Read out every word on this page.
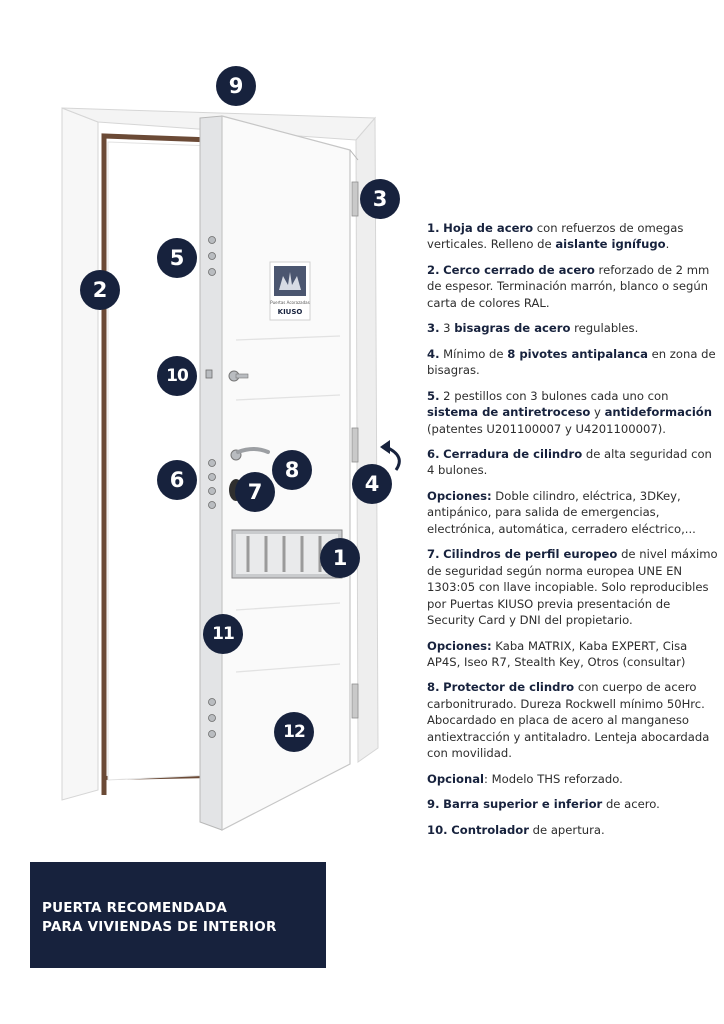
Puertas Acorazadas
KIUSO
9
3
5
2
10
8
6	7	4
1
11
12

1. Hoja de acero con refuerzos de omegas verticales. Relleno de aislante ignífugo.

2. Cerco cerrado de acero reforzado de 2 mm de espesor. Terminación marrón, blanco o según carta de colores RAL.

3. 3 bisagras de acero regulables.

4. Mínimo de 8 pivotes antipalanca en zona de bisagras.

5. 2 pestillos con 3 bulones cada uno con sistema de antiretroceso y antideformación (patentes U201100007 y U4201100007).

6. Cerradura de cilindro de alta seguridad con 4 bulones.

Opciones: Doble cilindro, eléctrica, 3DKey, antipánico, para salida de emergencias, electrónica, automática, cerradero eléctrico,...

7. Cilindros de perfil europeo de nivel máximo de seguridad según norma europea UNE EN 1303:05 con llave incopiable. Solo reproducibles por Puertas KIUSO previa presentación de Security Card y DNI del propietario.

Opciones: Kaba MATRIX, Kaba EXPERT, Cisa AP4S, Iseo R7, Stealth Key, Otros (consultar)

8. Protector de clindro con cuerpo de acero carbonitrurado. Dureza Rockwell mínimo 50Hrc. Abocardado en placa de acero al manganeso antiextracción y antitaladro. Lenteja abocardada con movilidad.

Opcional: Modelo THS reforzado.

9. Barra superior e inferior de acero.

10. Controlador de apertura.

PUERTA RECOMENDADA
PARA VIVIENDAS DE INTERIOR
